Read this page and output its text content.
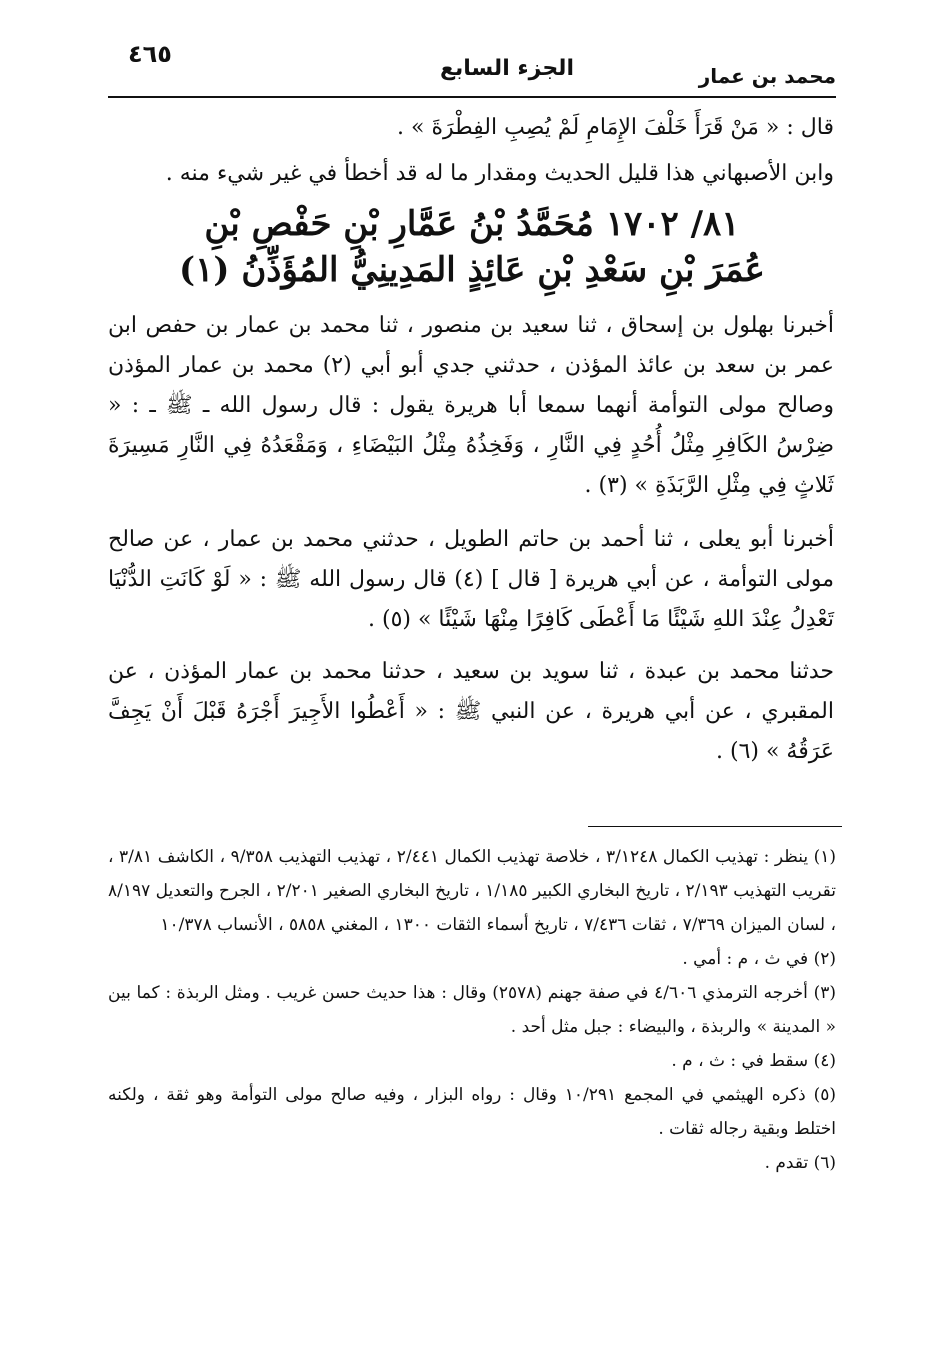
٤٦٥
الجزء السابع	محمد بن عمار
قال : « مَنْ قَرَأَ خَلْفَ الإِمَامِ لَمْ يُصِبِ الفِطْرَةَ » .
وابن الأصبهاني هذا قليل الحديث ومقدار ما له قد أخطأ في غير شيء منه .
٨١/ ١٧٠٢ مُحَمَّدُ بْنُ عَمَّارِ بْنِ حَفْصِ بْنِ
عُمَرَ بْنِ سَعْدِ بْنِ عَائِذٍ المَدِينِيُّ المُؤَذِّنُ (١)

أخبرنا بهلول بن إسحاق ، ثنا سعيد بن منصور ، ثنا محمد بن عمار بن حفص ابن عمر بن سعد بن عائذ المؤذن ، حدثني جدي أبو أبي (٢) محمد بن عمار المؤذن وصالح مولى التوأمة أنهما سمعا أبا هريرة يقول : قال رسول الله ـ ﷺ ـ : « ضِرْسُ الكَافِرِ مِثْلُ أُحُدٍ فِي النَّارِ ، وَفَخِذُهُ مِثْلُ البَيْضَاءِ ، وَمَقْعَدُهُ فِي النَّارِ مَسِيرَةَ ثَلاثٍ فِي مِثْلِ الرَّبَذَةِ » (٣) .

أخبرنا أبو يعلى ، ثنا أحمد بن حاتم الطويل ، حدثني محمد بن عمار ، عن صالح مولى التوأمة ، عن أبي هريرة [ قال ] (٤) قال رسول الله ﷺ : « لَوْ كَانَتِ الدُّنْيَا تَعْدِلُ عِنْدَ اللهِ شَيْئًا مَا أَعْطَى كَافِرًا مِنْهَا شَيْئًا » (٥) .

حدثنا محمد بن عبدة ، ثنا سويد بن سعيد ، حدثنا محمد بن عمار المؤذن ، عن المقبري ، عن أبي هريرة ، عن النبي ﷺ : « أَعْطُوا الأَجِيرَ أَجْرَهُ قَبْلَ أَنْ يَجِفَّ عَرَقُهُ » (٦) .

(١) ينظر : تهذيب الكمال ٣/١٢٤٨ ، خلاصة تهذيب الكمال ٢/٤٤١ ، تهذيب التهذيب ٩/٣٥٨ ، الكاشف ٣/٨١ ، تقريب التهذيب ٢/١٩٣ ، تاريخ البخاري الكبير ١/١٨٥ ، تاريخ البخاري الصغير ٢/٢٠١ ، الجرح والتعديل ٨/١٩٧ ، لسان الميزان ٧/٣٦٩ ، ثقات ٧/٤٣٦ ، تاريخ أسماء الثقات ١٣٠٠ ، المغني ٥٨٥٨ ، الأنساب ١٠/٣٧٨

(٢) في ث ، م : أمي .

(٣) أخرجه الترمذي ٤/٦٠٦ في صفة جهنم (٢٥٧٨) وقال : هذا حديث حسن غريب . ومثل الربذة : كما بين « المدينة » والربذة ، والبيضاء : جبل مثل أحد .

(٤) سقط في : ث ، م .

(٥) ذكره الهيثمي في المجمع ١٠/٢٩١ وقال : رواه البزار ، وفيه صالح مولى التوأمة وهو ثقة ، ولكنه اختلط وبقية رجاله ثقات .

(٦) تقدم .
